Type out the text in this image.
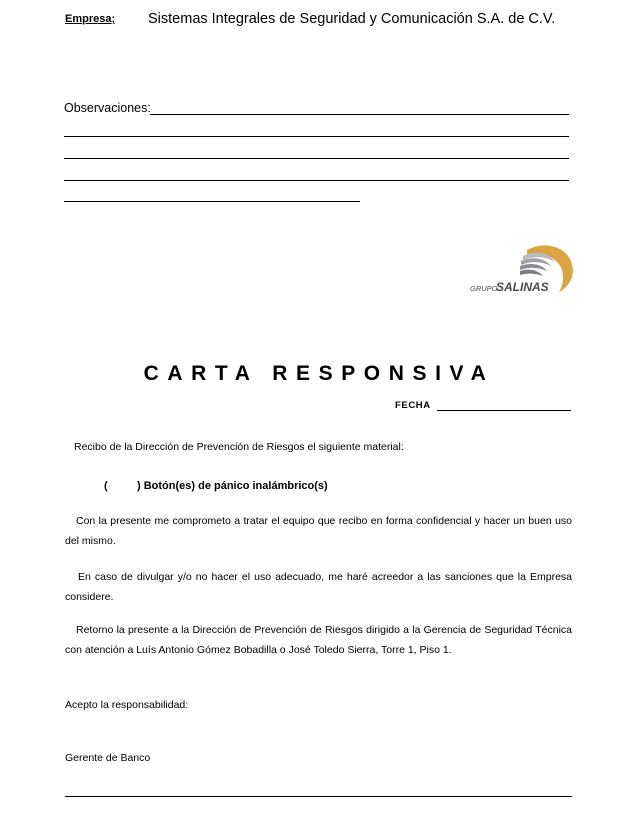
Empresa; Sistemas Integrales de Seguridad y Comunicación S.A. de C.V.
Observaciones:
GRUPO
SALINAS
CARTA RESPONSIVA
FECHA
Recibo de la Dirección de Prevención de Riesgos el siguiente material:
(	) Botón(es) de pánico inalámbrico(s)
Con la presente me comprometo a tratar el equipo que recibo en forma confidencial y hacer un buen uso del mismo.
En caso de divulgar y/o no hacer el uso adecuado, me haré acreedor a las sanciones que la Empresa considere.
Retorno la presente a la Dirección de Prevención de Riesgos dirigido a la Gerencia de Seguridad Técnica con atención a Luís Antonio Gómez Bobadilla o José Toledo Sierra, Torre 1, Piso 1.
Acepto la responsabilidad:
Gerente de Banco
